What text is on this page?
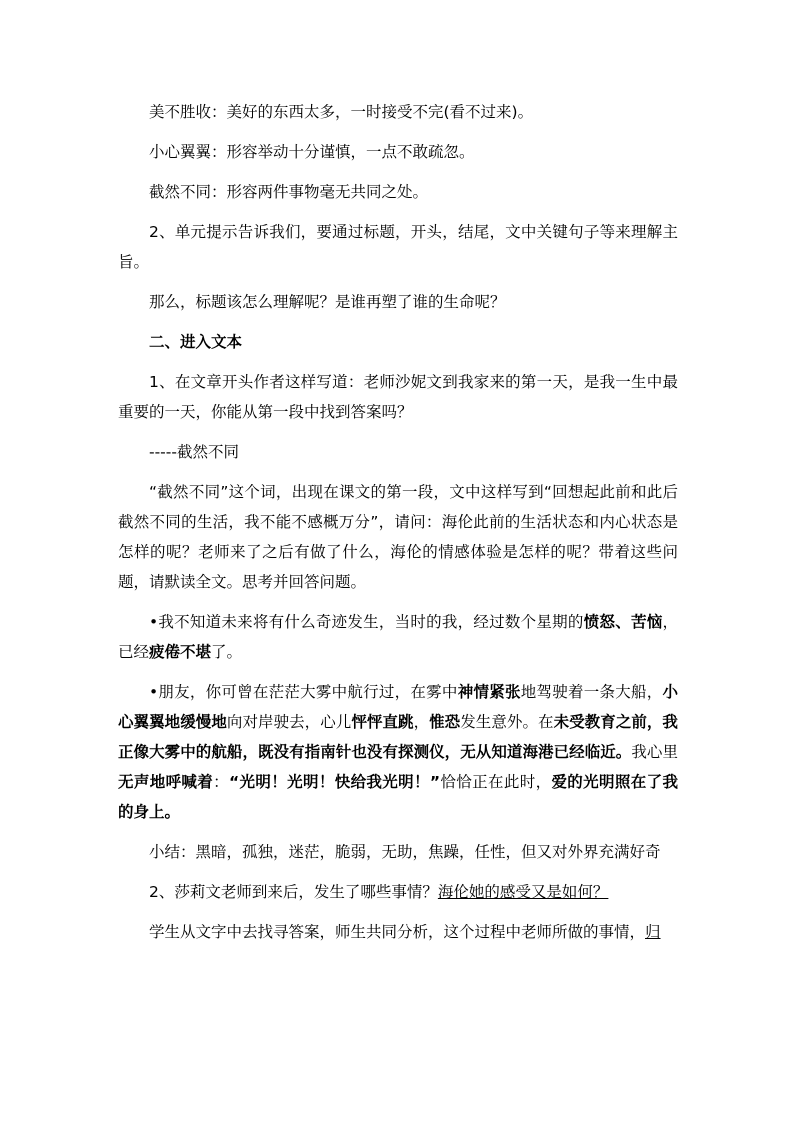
美不胜收：美好的东西太多，一时接受不完(看不过来)。

小心翼翼：形容举动十分谨慎，一点不敢疏忽。

截然不同：形容两件事物毫无共同之处。

2、单元提示告诉我们，要通过标题，开头，结尾，文中关键句子等来理解主旨。

那么，标题该怎么理解呢？是谁再塑了谁的生命呢？

二、进入文本

1、在文章开头作者这样写道：老师沙妮文到我家来的第一天，是我一生中最重要的一天，你能从第一段中找到答案吗？

-----截然不同

“截然不同”这个词，出现在课文的第一段，文中这样写到“回想起此前和此后截然不同的生活，我不能不感概万分”，请问：海伦此前的生活状态和内心状态是怎样的呢？老师来了之后有做了什么，海伦的情感体验是怎样的呢？带着这些问题，请默读全文。思考并回答问题。

•我不知道未来将有什么奇迹发生，当时的我，经过数个星期的愤怒、苦恼，已经疲倦不堪了。

•朋友，你可曾在茫茫大雾中航行过，在雾中神情紧张地驾驶着一条大船，小心翼翼地缓慢地向对岸驶去，心儿怦怦直跳，惟恐发生意外。在未受教育之前，我正像大雾中的航船，既没有指南针也没有探测仪，无从知道海港已经临近。我心里无声地呼喊着：“光明！光明！快给我光明！”恰恰正在此时，爱的光明照在了我的身上。

小结：黑暗，孤独，迷茫，脆弱，无助，焦躁，任性，但又对外界充满好奇

2、莎莉文老师到来后，发生了哪些事情？海伦她的感受又是如何？

学生从文字中去找寻答案，师生共同分析，这个过程中老师所做的事情，归
